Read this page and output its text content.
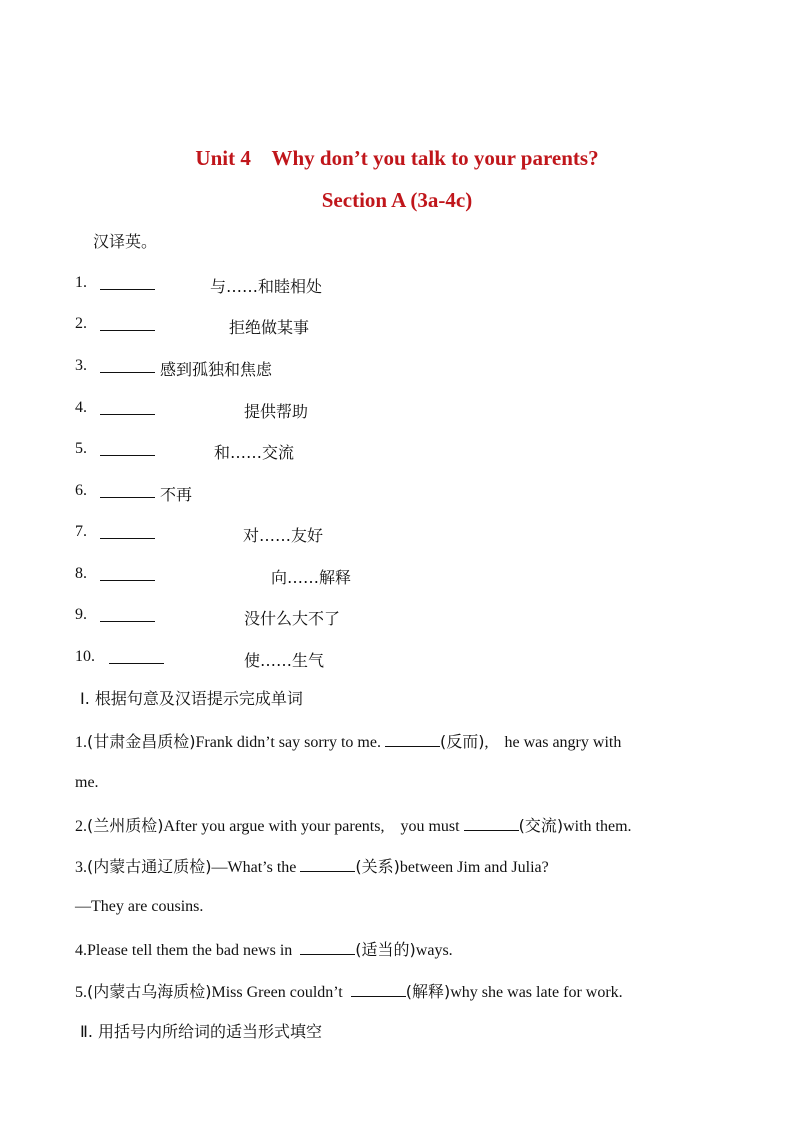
Unit 4    Why don’t you talk to your parents?
Section A (3a-4c)
汉译英。
1.	与……和睦相处
2.	拒绝做某事
3.	感到孤独和焦虑
4.	提供帮助
5.	和……交流
6.	不再
7.	对……友好
8.	向……解释
9.	没什么大不了
10.	使……生气
Ⅰ. 根据句意及汉语提示完成单词
1.(甘肃金昌质检)Frank didn’t say sorry to me.	(反而),    he was angry with
me.
2.(兰州质检)After you argue with your parents,    you must	(交流)with them.
3.(内蒙古通辽质检)—What’s the	(关系)between Jim and Julia?
—They are cousins.
4.Please tell them the bad news in	(适当的)ways.
5.(内蒙古乌海质检)Miss Green couldn’t	(解释)why she was late for work.
Ⅱ. 用括号内所给词的适当形式填空
